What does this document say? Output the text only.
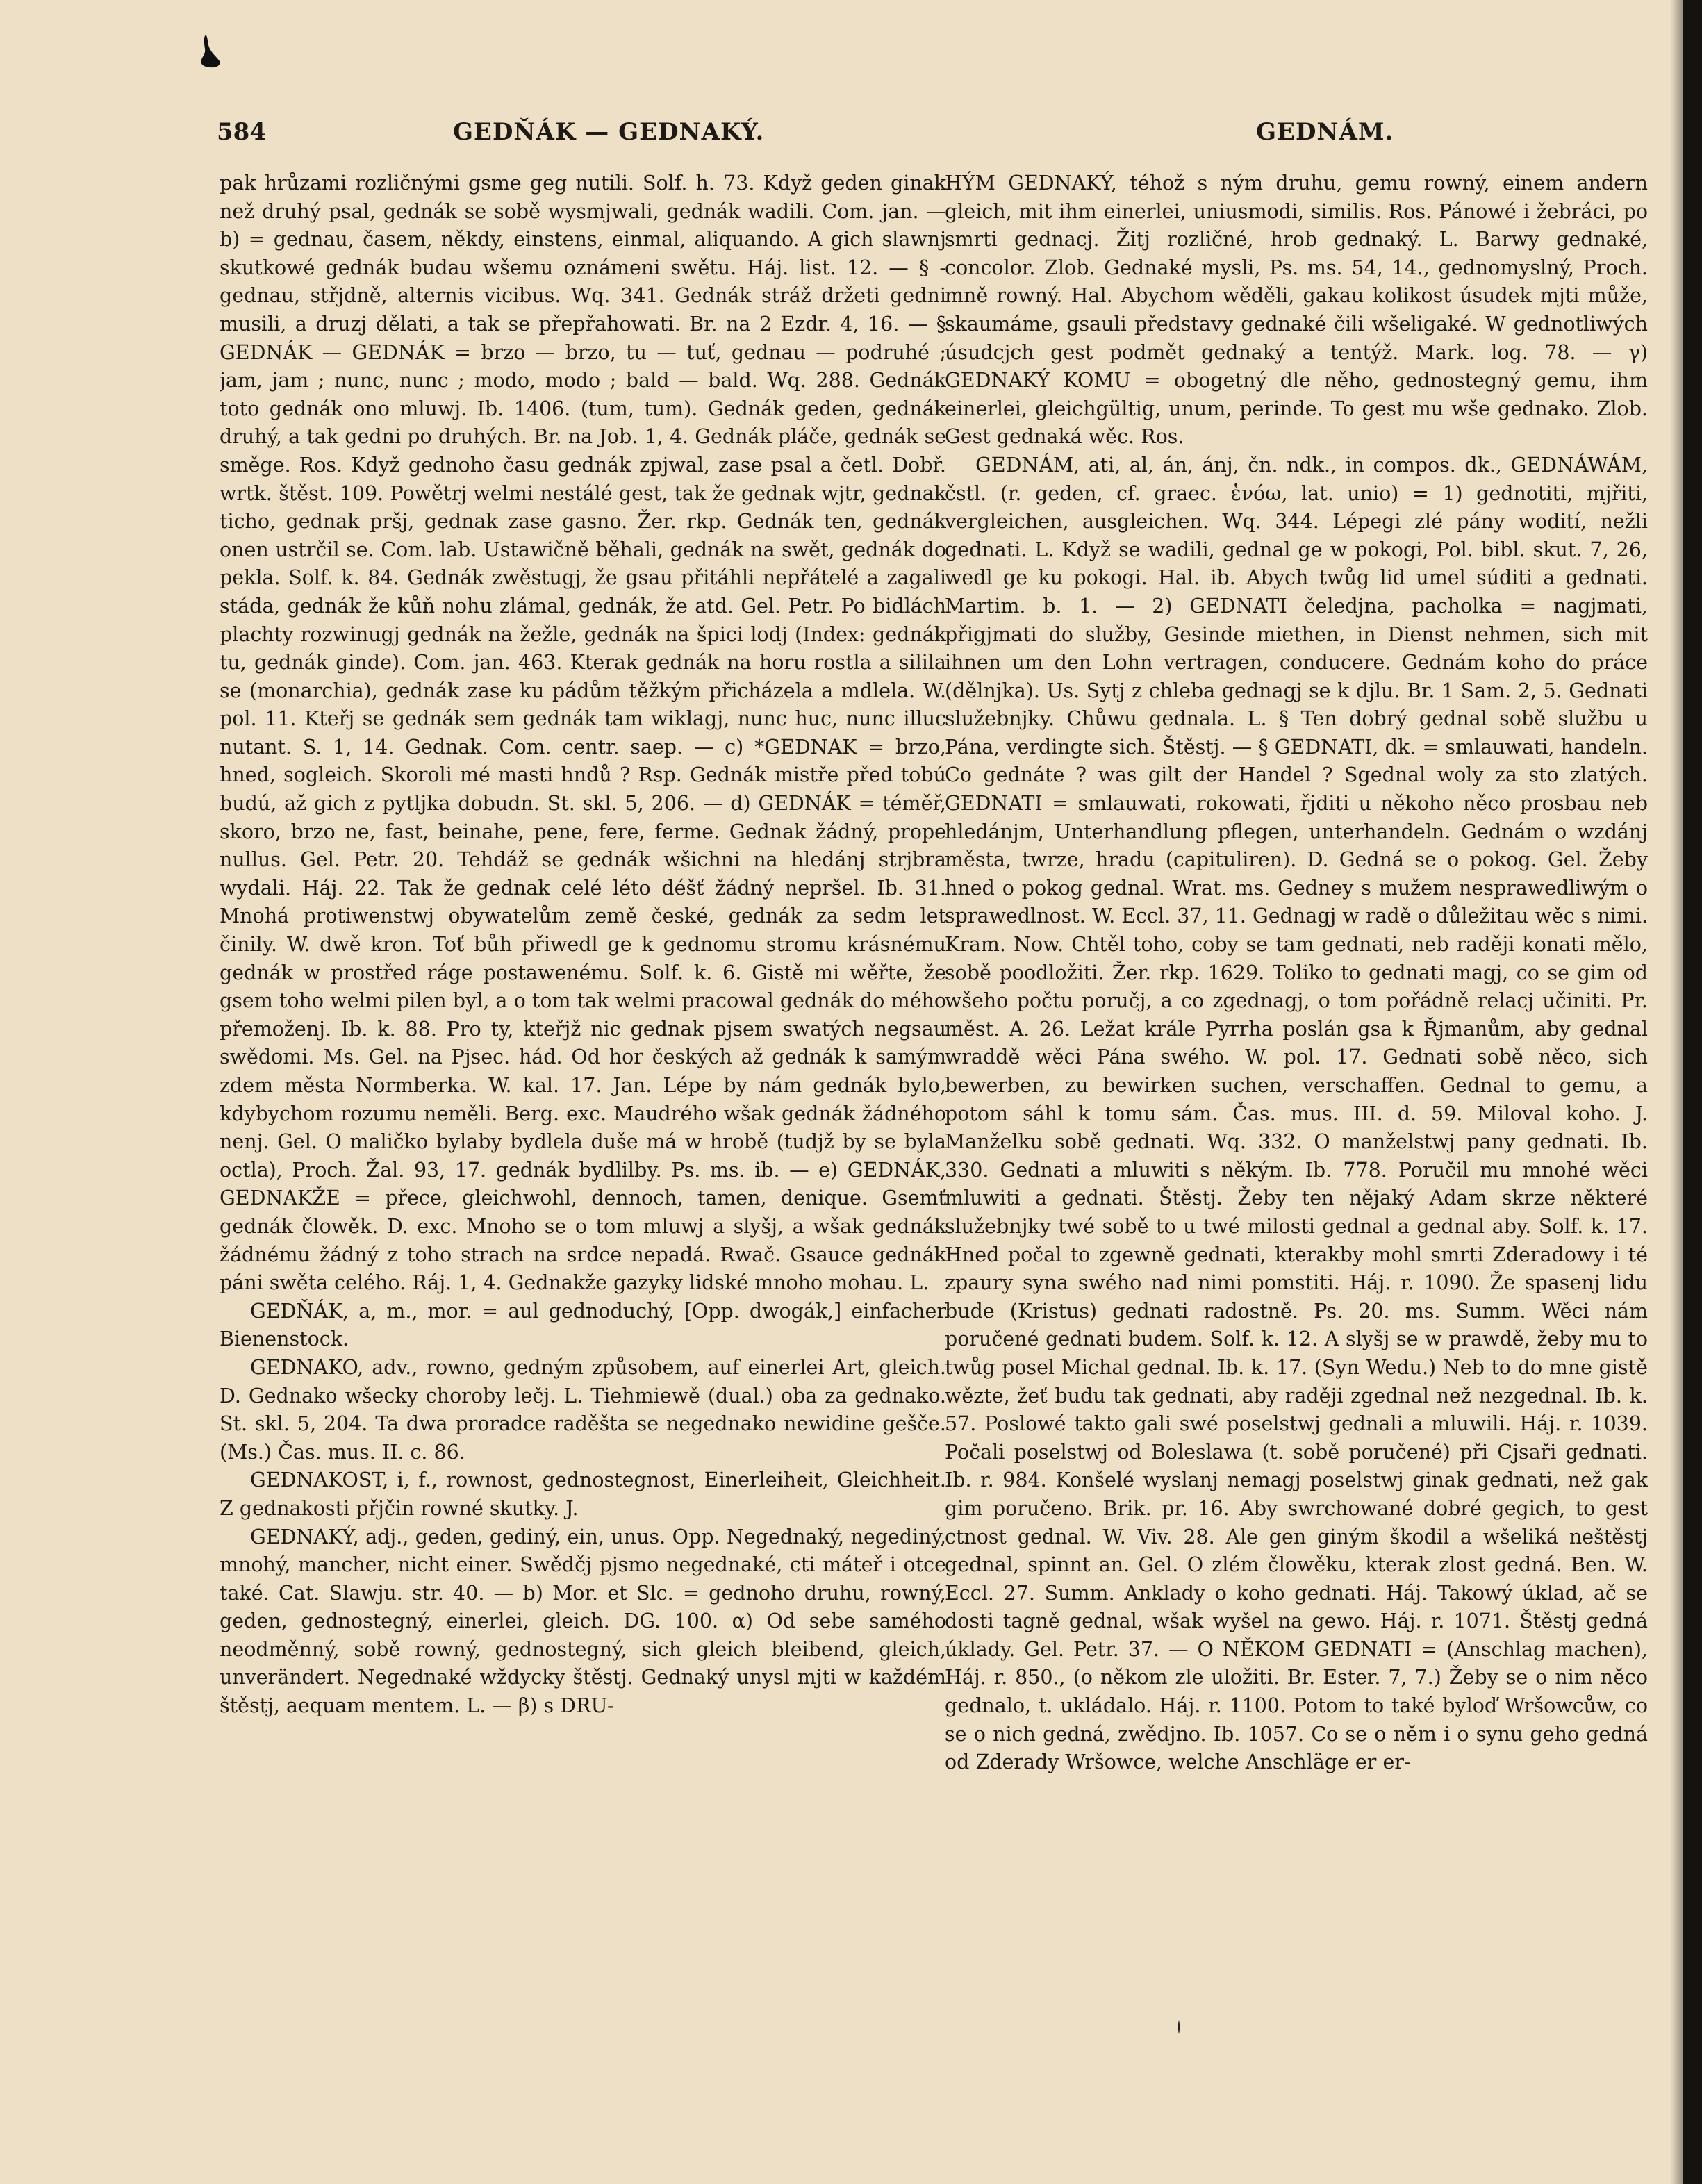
584	GEDŇÁK — GEDNAKÝ.	GEDNÁM.

pak hrůzami rozličnými gsme geg nutili. Solf. h. 73. Když geden ginak než druhý psal, gednák se sobě wysmjwali, gednák wadili. Com. jan. — b) = gednau, časem, někdy, einstens, einmal, aliquando. A gich slawnj skutkowé gednák budau wšemu oznámeni swětu. Háj. list. 12. — § - gednau, střjdně, alternis vicibus. Wq. 341. Gednák stráž držeti gedni musili, a druzj dělati, a tak se přepřahowati. Br. na 2 Ezdr. 4, 16. — § GEDNÁK — GEDNÁK = brzo — brzo, tu — tuť, gednau — podruhé ; jam, jam ; nunc, nunc ; modo, modo ; bald — bald. Wq. 288. Gednák toto gednák ono mluwj. Ib. 1406. (tum, tum). Gednák geden, gednák druhý, a tak gedni po druhých. Br. na Job. 1, 4. Gednák pláče, gednák se směge. Ros. Když gednoho času gednák zpjwal, zase psal a četl. Dobř. wrtk. štěst. 109. Powětrj welmi nestálé gest, tak že gednak wjtr, gednak ticho, gednak pršj, gednak zase gasno. Žer. rkp. Gednák ten, gednák onen ustrčil se. Com. lab. Ustawičně běhali, gednák na swět, gednák do pekla. Solf. k. 84. Gednák zwěstugj, že gsau přitáhli nepřátelé a zagali stáda, gednák že kůň nohu zlámal, gednák, že atd. Gel. Petr. Po bidlách plachty rozwinugj gednák na žežle, gednák na špici lodj (Index: gednák tu, gednák ginde). Com. jan. 463. Kterak gednák na horu rostla a silila se (monarchia), gednák zase ku pádům těžkým přicházela a mdlela. W. pol. 11. Kteřj se gednák sem gednák tam wiklagj, nunc huc, nunc illuc nutant. S. 1, 14. Gednak. Com. centr. saep. — c) *GEDNAK = brzo, hned, sogleich. Skoroli mé masti hndů ? Rsp. Gednák mistře před tobú budú, až gich z pytljka dobudn. St. skl. 5, 206. — d) GEDNÁK = téměř, skoro, brzo ne, fast, beinahe, pene, fere, ferme. Gednak žádný, prope nullus. Gel. Petr. 20. Tehdáž se gednák wšichni na hledánj strjbra wydali. Háj. 22. Tak že gednak celé léto déšť žádný nepršel. Ib. 31. Mnohá protiwenstwj obywatelům země české, gednák za sedm let činily. W. dwě kron. Toť bůh přiwedl ge k gednomu stromu krásnému gednák w prostřed ráge postawenému. Solf. k. 6. Gistě mi wěřte, že gsem toho welmi pilen byl, a o tom tak welmi pracowal gednák do mého přemoženj. Ib. k. 88. Pro ty, kteřjž nic gednak pjsem swatých negsau swědomi. Ms. Gel. na Pjsec. hád. Od hor českých až gednák k samým zdem města Normberka. W. kal. 17. Jan. Lépe by nám gednák bylo, kdybychom rozumu neměli. Berg. exc. Maudrého wšak gednák žádného nenj. Gel. O maličko bylaby bydlela duše má w hrobě (tudjž by se byla octla), Proch. Žal. 93, 17. gednák bydlilby. Ps. ms. ib. — e) GEDNÁK, GEDNAKŽE = přece, gleichwohl, dennoch, tamen, denique. Gsemť gednák člowěk. D. exc. Mnoho se o tom mluwj a slyšj, a wšak gednák žádnému žádný z toho strach na srdce nepadá. Rwač. Gsauce gednák páni swěta celého. Ráj. 1, 4. Gednakže gazyky lidské mnoho mohau. L.

GEDŇÁK, a, m., mor. = aul gednoduchý, [Opp. dwogák,] einfacher Bienenstock.

GEDNAKO, adv., rowno, gedným způsobem, auf einerlei Art, gleich. D. Gednako wšecky choroby lečj. L. Tiehmiewě (dual.) oba za gednako. St. skl. 5, 204. Ta dwa proradce raděšta se negednako newidine gešče. (Ms.) Čas. mus. II. c. 86.

GEDNAKOST, i, f., rownost, gednostegnost, Einerleiheit, Gleichheit. Z gednakosti přjčin rowné skutky. J.

GEDNAKÝ, adj., geden, gediný, ein, unus. Opp. Negednaký, negediný, mnohý, mancher, nicht einer. Swědčj pjsmo negednaké, cti máteř i otce také. Cat. Slawju. str. 40. — b) Mor. et Slc. = gednoho druhu, rowný, geden, gednostegný, einerlei, gleich. DG. 100. α) Od sebe samého neodměnný, sobě rowný, gednostegný, sich gleich bleibend, gleich, unverändert. Negednaké wždycky štěstj. Gednaký unysl mjti w každém štěstj, aequam mentem. L. — β) s DRU-

HÝM GEDNAKÝ, téhož s ným druhu, gemu rowný, einem andern gleich, mit ihm einerlei, uniusmodi, similis. Ros. Pánowé i žebráci, po smrti gednacj. Žitj rozličné, hrob gednaký. L. Barwy gednaké, concolor. Zlob. Gednaké mysli, Ps. ms. 54, 14., gednomyslný, Proch. mně rowný. Hal. Abychom wěděli, gakau kolikost úsudek mjti může, skaumáme, gsauli představy gednaké čili wšeligaké. W gednotliwých úsudcjch gest podmět gednaký a tentýž. Mark. log. 78. — γ) GEDNAKÝ KOMU = obogetný dle něho, gednostegný gemu, ihm einerlei, gleichgültig, unum, perinde. To gest mu wše gednako. Zlob. Gest gednaká wěc. Ros.

GEDNÁM, ati, al, án, ánj, čn. ndk., in compos. dk., GEDNÁWÁM, čstl. (r. geden, cf. graec. ἑνόω, lat. unio) = 1) gednotiti, mjřiti, vergleichen, ausgleichen. Wq. 344. Lépegi zlé pány wodití, nežli gednati. L. Když se wadili, gednal ge w pokogi, Pol. bibl. skut. 7, 26, wedl ge ku pokogi. Hal. ib. Abych twůg lid umel súditi a gednati. Martim. b. 1. — 2) GEDNATI čeledjna, pacholka = nagjmati, přigjmati do služby, Gesinde miethen, in Dienst nehmen, sich mit ihnen um den Lohn vertragen, conducere. Gednám koho do práce (dělnjka). Us. Sytj z chleba gednagj se k djlu. Br. 1 Sam. 2, 5. Gednati služebnjky. Chůwu gednala. L. § Ten dobrý gednal sobě službu u Pána, verdingte sich. Štěstj. — § GEDNATI, dk. = smlauwati, handeln. Co gednáte ? was gilt der Handel ? Sgednal woly za sto zlatých. GEDNATI = smlauwati, rokowati, řjditi u někoho něco prosbau neb hledánjm, Unterhandlung pflegen, unterhandeln. Gednám o wzdánj města, twrze, hradu (capituliren). D. Gedná se o pokog. Gel. Žeby hned o pokog gednal. Wrat. ms. Gedney s mužem nesprawedliwým o sprawedlnost. W. Eccl. 37, 11. Gednagj w radě o důležitau wěc s nimi. Kram. Now. Chtěl toho, coby se tam gednati, neb raději konati mělo, sobě poodložiti. Žer. rkp. 1629. Toliko to gednati magj, co se gim od wšeho počtu poručj, a co zgednagj, o tom pořádně relacj učiniti. Pr. měst. A. 26. Ležat krále Pyrrha poslán gsa k Řjmanům, aby gednal wraddě wěci Pána swého. W. pol. 17. Gednati sobě něco, sich bewerben, zu bewirken suchen, verschaffen. Gednal to gemu, a potom sáhl k tomu sám. Čas. mus. III. d. 59. Miloval koho. J. Manželku sobě gednati. Wq. 332. O manželstwj pany gednati. Ib. 330. Gednati a mluwiti s někým. Ib. 778. Poručil mu mnohé wěci mluwiti a gednati. Štěstj. Žeby ten nějaký Adam skrze některé služebnjky twé sobě to u twé milosti gednal a gednal aby. Solf. k. 17. Hned počal to zgewně gednati, kterakby mohl smrti Zderadowy i té zpaury syna swého nad nimi pomstiti. Háj. r. 1090. Že spasenj lidu bude (Kristus) gednati radostně. Ps. 20. ms. Summ. Wěci nám poručené gednati budem. Solf. k. 12. A slyšj se w prawdě, žeby mu to twůg posel Michal gednal. Ib. k. 17. (Syn Wedu.) Neb to do mne gistě wězte, žeť budu tak gednati, aby raději zgednal než nezgednal. Ib. k. 57. Poslowé takto gali swé poselstwj gednali a mluwili. Háj. r. 1039. Počali poselstwj od Boleslawa (t. sobě poručené) při Cjsaři gednati. Ib. r. 984. Konšelé wyslanj nemagj poselstwj ginak gednati, než gak gim poručeno. Brik. pr. 16. Aby swrchowané dobré gegich, to gest ctnost gednal. W. Viv. 28. Ale gen giným škodil a wšeliká neštěstj gednal, spinnt an. Gel. O zlém člowěku, kterak zlost gedná. Ben. W. Eccl. 27. Summ. Anklady o koho gednati. Háj. Takowý úklad, ač se dosti tagně gednal, wšak wyšel na gewo. Háj. r. 1071. Štěstj gedná úklady. Gel. Petr. 37. — O NĚKOM GEDNATI = (Anschlag machen), Háj. r. 850., (o někom zle uložiti. Br. Ester. 7, 7.) Žeby se o nim něco gednalo, t. ukládalo. Háj. r. 1100. Potom to také byloď Wršowcůw, co se o nich gedná, zwědjno. Ib. 1057. Co se o něm i o synu geho gedná od Zderady Wršowce, welche Anschläge er er-
